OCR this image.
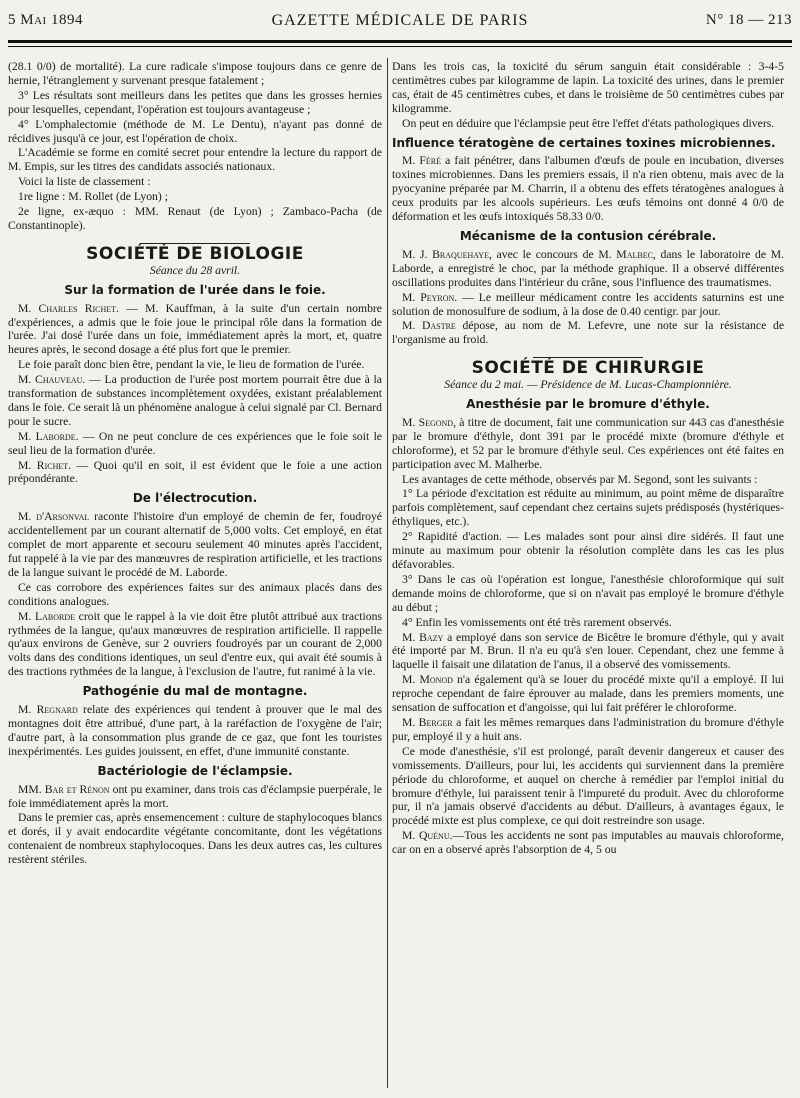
5 Mai 1894	GAZETTE MÉDICALE DE PARIS	N° 18 — 213

(28.1 0/0) de mortalité). La cure radicale s'impose toujours dans ce genre de hernie, l'étranglement y survenant presque fatalement ;

3° Les résultats sont meilleurs dans les petites que dans les grosses hernies pour lesquelles, cependant, l'opération est toujours avantageuse ;

4° L'omphalectomie (méthode de M. Le Dentu), n'ayant pas donné de récidives jusqu'à ce jour, est l'opération de choix.

L'Académie se forme en comité secret pour entendre la lecture du rapport de M. Empis, sur les titres des candidats associés nationaux.

Voici la liste de classement :

1re ligne : M. Rollet (de Lyon) ;

2e ligne, ex-æquo : MM. Renaut (de Lyon) ; Zambaco-Pacha (de Constantinople).

SOCIÉTÉ DE BIOLOGIE
Séance du 28 avril.
Sur la formation de l'urée dans le foie.

M. Charles Richet. — M. Kauffman, à la suite d'un certain nombre d'expériences, a admis que le foie joue le principal rôle dans la formation de l'urée. J'ai dosé l'urée dans un foie, immédiatement après la mort, et, quatre heures après, le second dosage a été plus fort que le premier.

Le foie paraît donc bien être, pendant la vie, le lieu de formation de l'urée.

M. Chauveau. — La production de l'urée post mortem pourrait être due à la transformation de substances incomplètement oxydées, existant préalablement dans le foie. Ce serait là un phénomène analogue à celui signalé par Cl. Bernard pour le sucre.

M. Laborde. — On ne peut conclure de ces expériences que le foie soit le seul lieu de la formation d'urée.

M. Richet. — Quoi qu'il en soit, il est évident que le foie a une action prépondérante.

De l'électrocution.

M. d'Arsonval raconte l'histoire d'un employé de chemin de fer, foudroyé accidentellement par un courant alternatif de 5,000 volts. Cet employé, en état complet de mort apparente et secouru seulement 40 minutes après l'accident, fut rappelé à la vie par des manœuvres de respiration artificielle, et les tractions de la langue suivant le procédé de M. Laborde.

Ce cas corrobore des expériences faites sur des animaux placés dans des conditions analogues.

M. Laborde croit que le rappel à la vie doit être plutôt attribué aux tractions rythmées de la langue, qu'aux manœuvres de respiration artificielle. Il rappelle qu'aux environs de Genève, sur 2 ouvriers foudroyés par un courant de 2,000 volts dans des conditions identiques, un seul d'entre eux, qui avait été soumis à des tractions rythmées de la langue, à l'exclusion de l'autre, fut ranimé à la vie.

Pathogénie du mal de montagne.

M. Regnard relate des expériences qui tendent à prouver que le mal des montagnes doit être attribué, d'une part, à la raréfaction de l'oxygène de l'air; d'autre part, à la consommation plus grande de ce gaz, que font les touristes inexpérimentés. Les guides jouissent, en effet, d'une immunité constante.

Bactériologie de l'éclampsie.

MM. Bar et Rénon ont pu examiner, dans trois cas d'éclampsie puerpérale, le foie immédiatement après la mort.

Dans le premier cas, après ensemencement : culture de staphylocoques blancs et dorés, il y avait endocardite végétante concomitante, dont les végétations contenaient de nombreux staphylocoques. Dans les deux autres cas, les cultures restèrent stériles.

Dans les trois cas, la toxicité du sérum sanguin était considérable : 3-4-5 centimètres cubes par kilogramme de lapin. La toxicité des urines, dans le premier cas, était de 45 centimètres cubes, et dans le troisième de 50 centimètres cubes par kilogramme.

On peut en déduire que l'éclampsie peut être l'effet d'états pathologiques divers.

Influence tératogène de certaines toxines microbiennes.

M. Féré a fait pénétrer, dans l'albumen d'œufs de poule en incubation, diverses toxines microbiennes. Dans les premiers essais, il n'a rien obtenu, mais avec de la pyocyanine préparée par M. Charrin, il a obtenu des effets tératogènes analogues à ceux produits par les alcools supérieurs. Les œufs témoins ont donné 4 0/0 de déformation et les œufs intoxiqués 58.33 0/0.

Mécanisme de la contusion cérébrale.

M. J. Braquehaye, avec le concours de M. Malbec, dans le laboratoire de M. Laborde, a enregistré le choc, par la méthode graphique. Il a observé différentes oscillations produites dans l'intérieur du crâne, sous l'influence des traumatismes.

M. Peyron. — Le meilleur médicament contre les accidents saturnins est une solution de monosulfure de sodium, à la dose de 0.40 centigr. par jour.

M. Dastre dépose, au nom de M. Lefevre, une note sur la résistance de l'organisme au froid.

SOCIÉTÉ DE CHIRURGIE
Séance du 2 mai. — Présidence de M. Lucas-Championnière.
Anesthésie par le bromure d'éthyle.

M. Segond, à titre de document, fait une communication sur 443 cas d'anesthésie par le bromure d'éthyle, dont 391 par le procédé mixte (bromure d'éthyle et chloroforme), et 52 par le bromure d'éthyle seul. Ces expériences ont été faites en participation avec M. Malherbe.

Les avantages de cette méthode, observés par M. Segond, sont les suivants :

1° La période d'excitation est réduite au minimum, au point même de disparaître parfois complètement, sauf cependant chez certains sujets prédisposés (hystériques-éthyliques, etc.).

2° Rapidité d'action. — Les malades sont pour ainsi dire sidérés. Il faut une minute au maximum pour obtenir la résolution complète dans les cas les plus défavorables.

3° Dans le cas où l'opération est longue, l'anesthésie chloroformique qui suit demande moins de chloroforme, que si on n'avait pas employé le bromure d'éthyle au début ;

4° Enfin les vomissements ont été très rarement observés.

M. Bazy a employé dans son service de Bicêtre le bromure d'éthyle, qui y avait été importé par M. Brun. Il n'a eu qu'à s'en louer. Cependant, chez une femme à laquelle il faisait une dilatation de l'anus, il a observé des vomissements.

M. Monod n'a également qu'à se louer du procédé mixte qu'il a employé. Il lui reproche cependant de faire éprouver au malade, dans les premiers moments, une sensation de suffocation et d'angoisse, qui lui fait préférer le chloroforme.

M. Berger a fait les mêmes remarques dans l'administration du bromure d'éthyle pur, employé il y a huit ans.

Ce mode d'anesthésie, s'il est prolongé, paraît devenir dangereux et causer des vomissements. D'ailleurs, pour lui, les accidents qui surviennent dans la première période du chloroforme, et auquel on cherche à remédier par l'emploi initial du bromure d'éthyle, lui paraissent tenir à l'impureté du produit. Avec du chloroforme pur, il n'a jamais observé d'accidents au début. D'ailleurs, à avantages égaux, le procédé mixte est plus complexe, ce qui doit restreindre son usage.

M. Quénu.—Tous les accidents ne sont pas imputables au mauvais chloroforme, car on en a observé après l'absorption de 4, 5 ou
